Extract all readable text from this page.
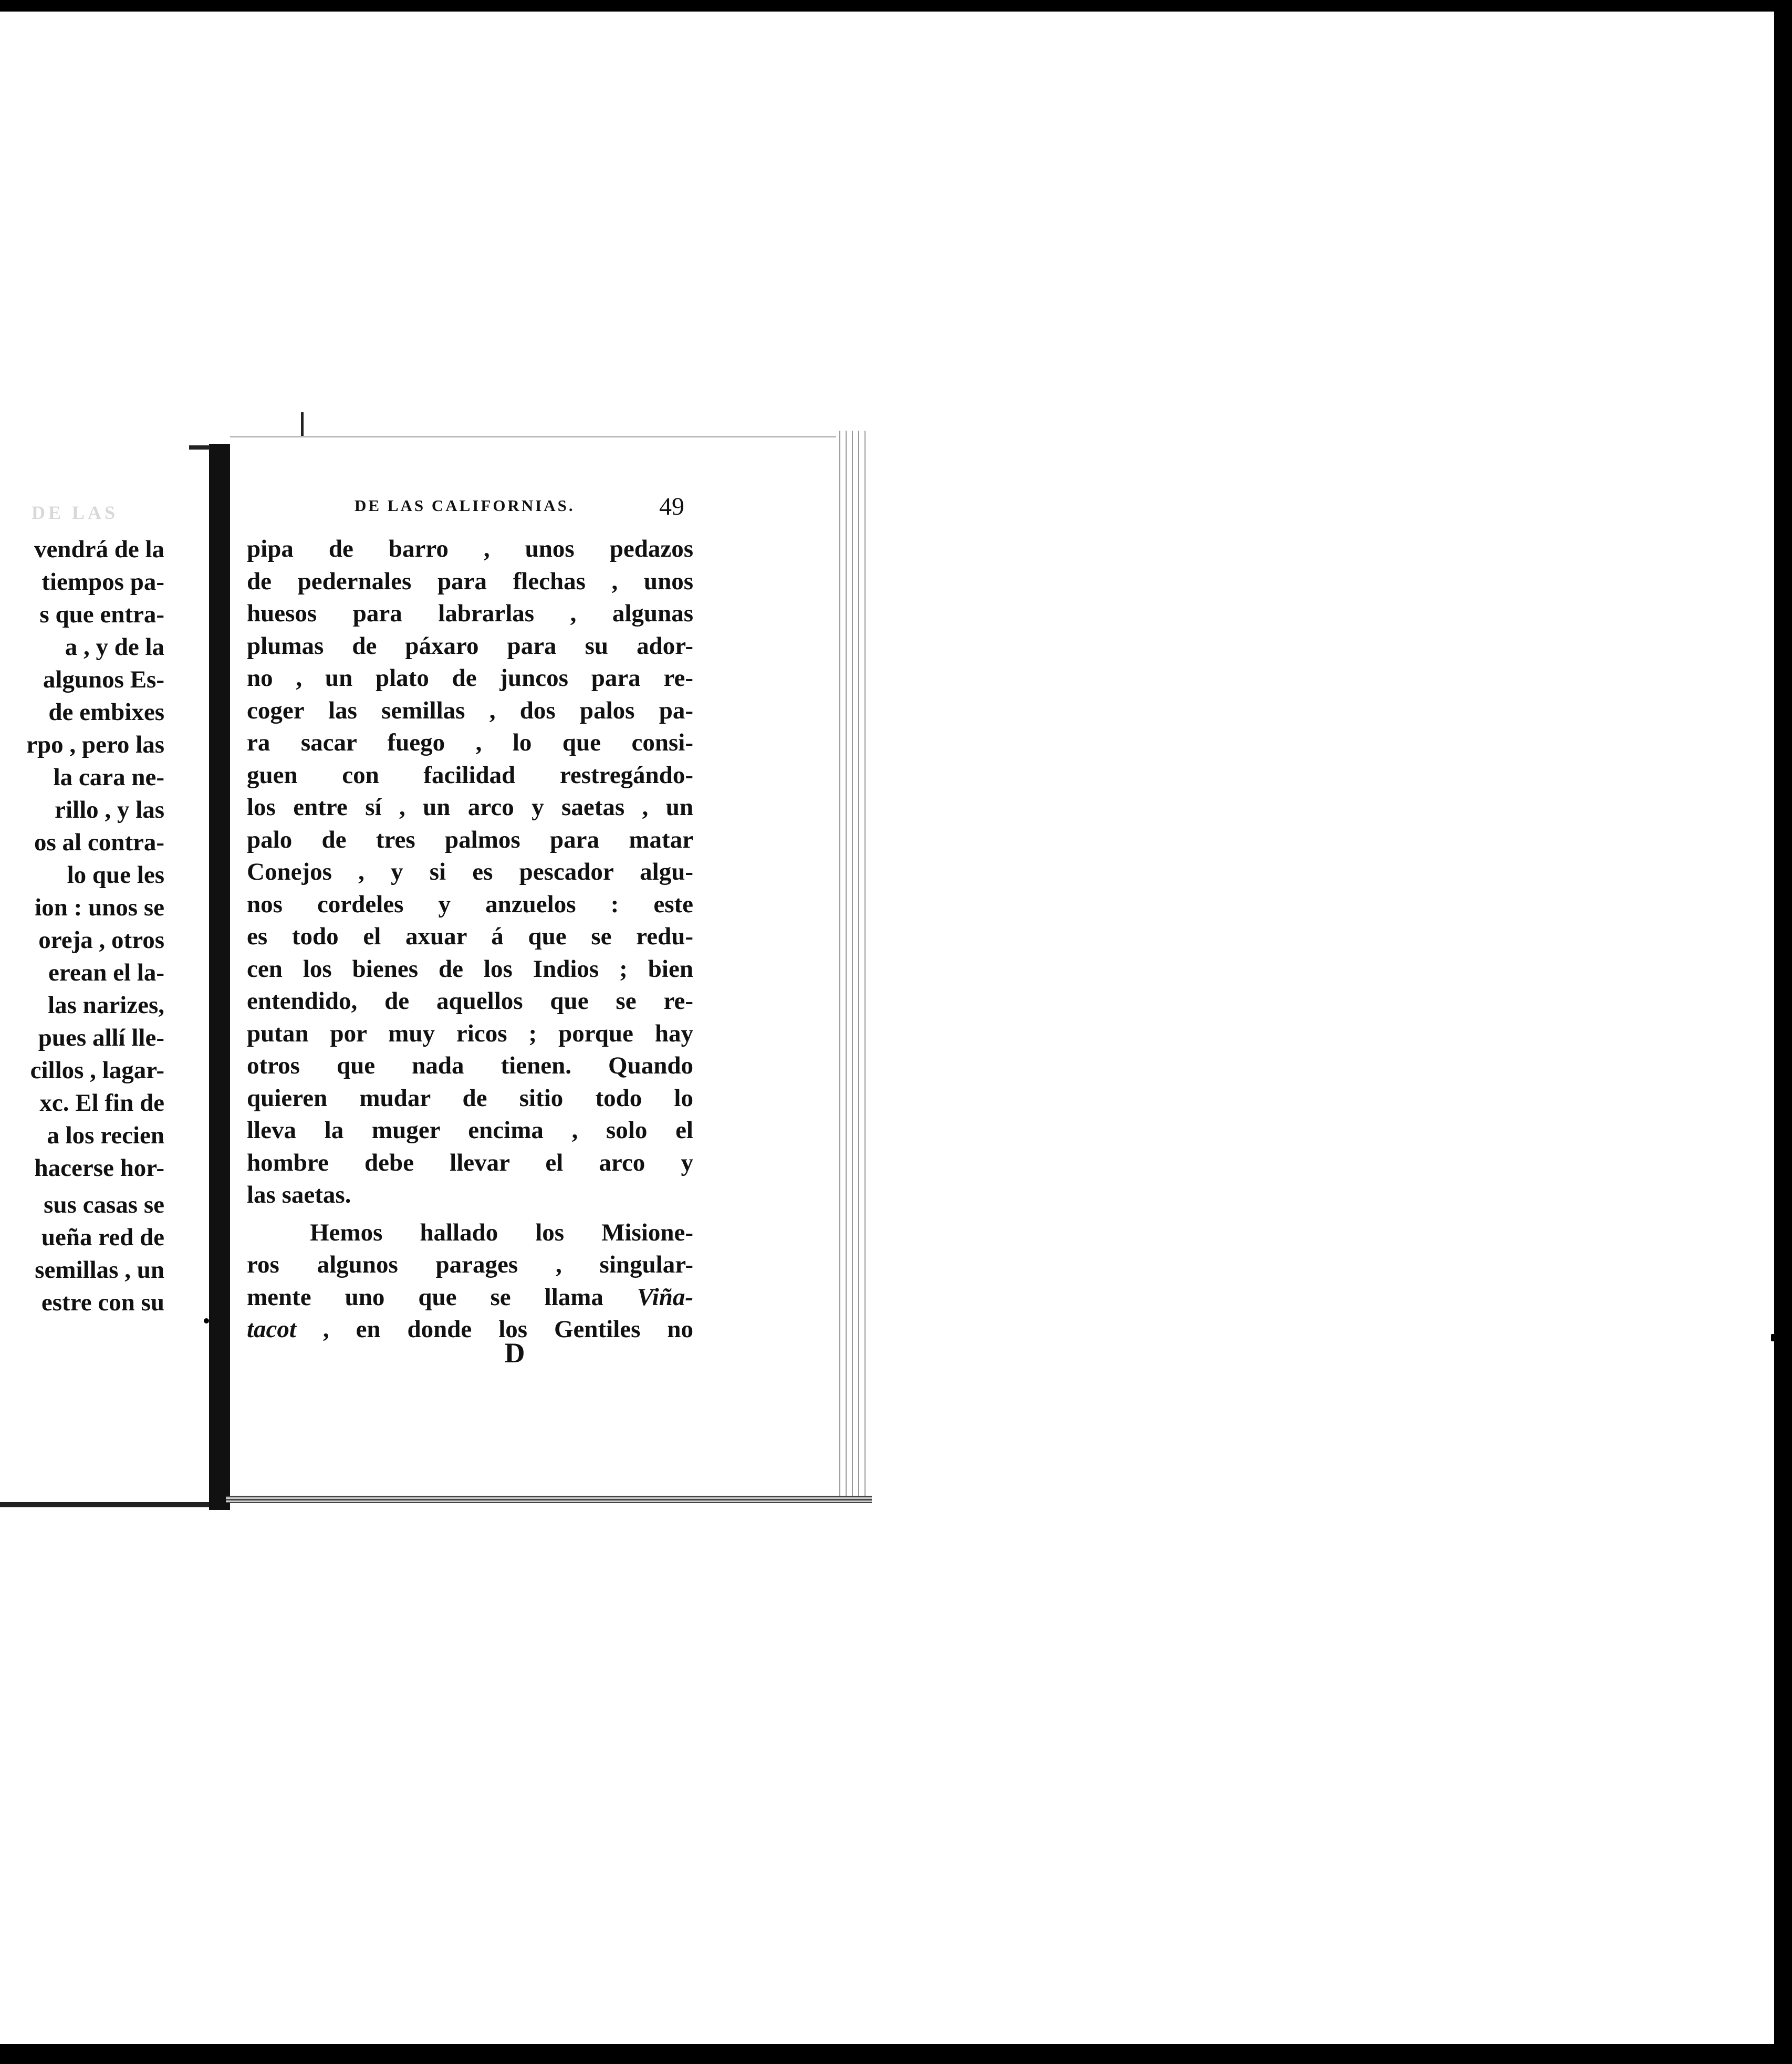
DE LAS
vendrá de la
tiempos pa-
s que entra-
a , y de la
algunos Es-
de embixes
rpo , pero las
la cara ne-
rillo , y las
os al contra-
lo que les
ion : unos se
oreja , otros
erean el la-
las narizes,
pues allí lle-
cillos , lagar-
xc. El fin de
a los recien
hacerse hor-
sus casas se
ueña red de
semillas , un
estre con su
DE LAS CALIFORNIAS.	49
pipa de barro , unos pedazos
de pedernales para flechas , unos
huesos para labrarlas , algunas
plumas de páxaro para su ador-
no , un plato de juncos para re-
coger las semillas , dos palos pa-
ra sacar fuego , lo que consi-
guen con facilidad restregándo-
los entre sí , un arco y saetas , un
palo de tres palmos para matar
Conejos , y si es pescador algu-
nos cordeles y anzuelos : este
es todo el axuar á que se redu-
cen los bienes de los Indios ; bien
entendido, de aquellos que se re-
putan por muy ricos ; porque hay
otros que nada tienen. Quando
quieren mudar de sitio todo lo
lleva la muger encima , solo el
hombre debe llevar el arco y
las saetas.
Hemos hallado los Misione-
ros algunos parages , singular-
mente uno que se llama Viña-
tacot , en donde los Gentiles no
D
